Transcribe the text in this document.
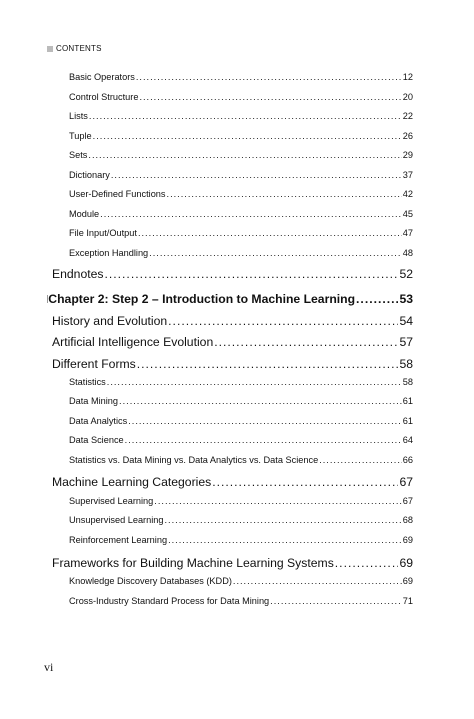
CONTENTS
Basic Operators .....	12
Control Structure .....	20
Lists .....	22
Tuple .....	26
Sets .....	29
Dictionary .....	37
User-Defined Functions .....	42
Module .....	45
File Input/Output .....	47
Exception Handling .....	48
Endnotes .....	52
Chapter 2: Step 2 – Introduction to Machine Learning .....	53
History and Evolution .....	54
Artificial Intelligence Evolution .....	57
Different Forms .....	58
Statistics .....	58
Data Mining .....	61
Data Analytics .....	61
Data Science .....	64
Statistics vs. Data Mining vs. Data Analytics vs. Data Science .....	66
Machine Learning Categories .....	67
Supervised Learning .....	67
Unsupervised Learning .....	68
Reinforcement Learning .....	69
Frameworks for Building Machine Learning Systems .....	69
Knowledge Discovery Databases (KDD) .....	69
Cross-Industry Standard Process for Data Mining .....	71
vi
